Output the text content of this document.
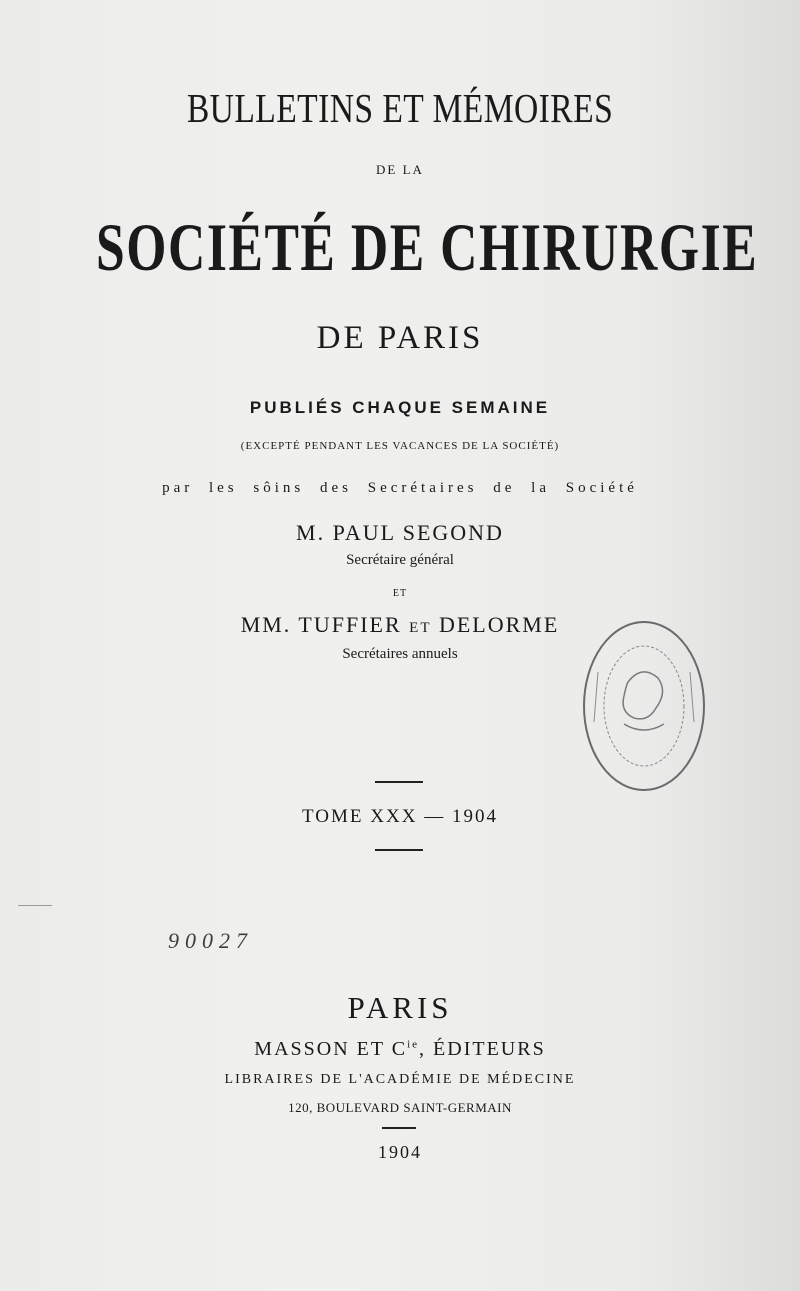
BULLETINS ET MÉMOIRES
DE LA
SOCIÉTÉ DE CHIRURGIE
DE PARIS
PUBLIÉS CHAQUE SEMAINE
(EXCEPTÉ PENDANT LES VACANCES DE LA SOCIÉTÉ)
par les sôins des Secrétaires de la Société
M. PAUL SEGOND
Secrétaire général
ET
MM. TUFFIER ET DELORME
Secrétaires annuels
TOME XXX — 1904
90027
PARIS
MASSON ET $C^{ie}$, ÉDITEURS
LIBRAIRES DE L'ACADÉMIE DE MÉDECINE
120, BOULEVARD SAINT-GERMAIN
1904
